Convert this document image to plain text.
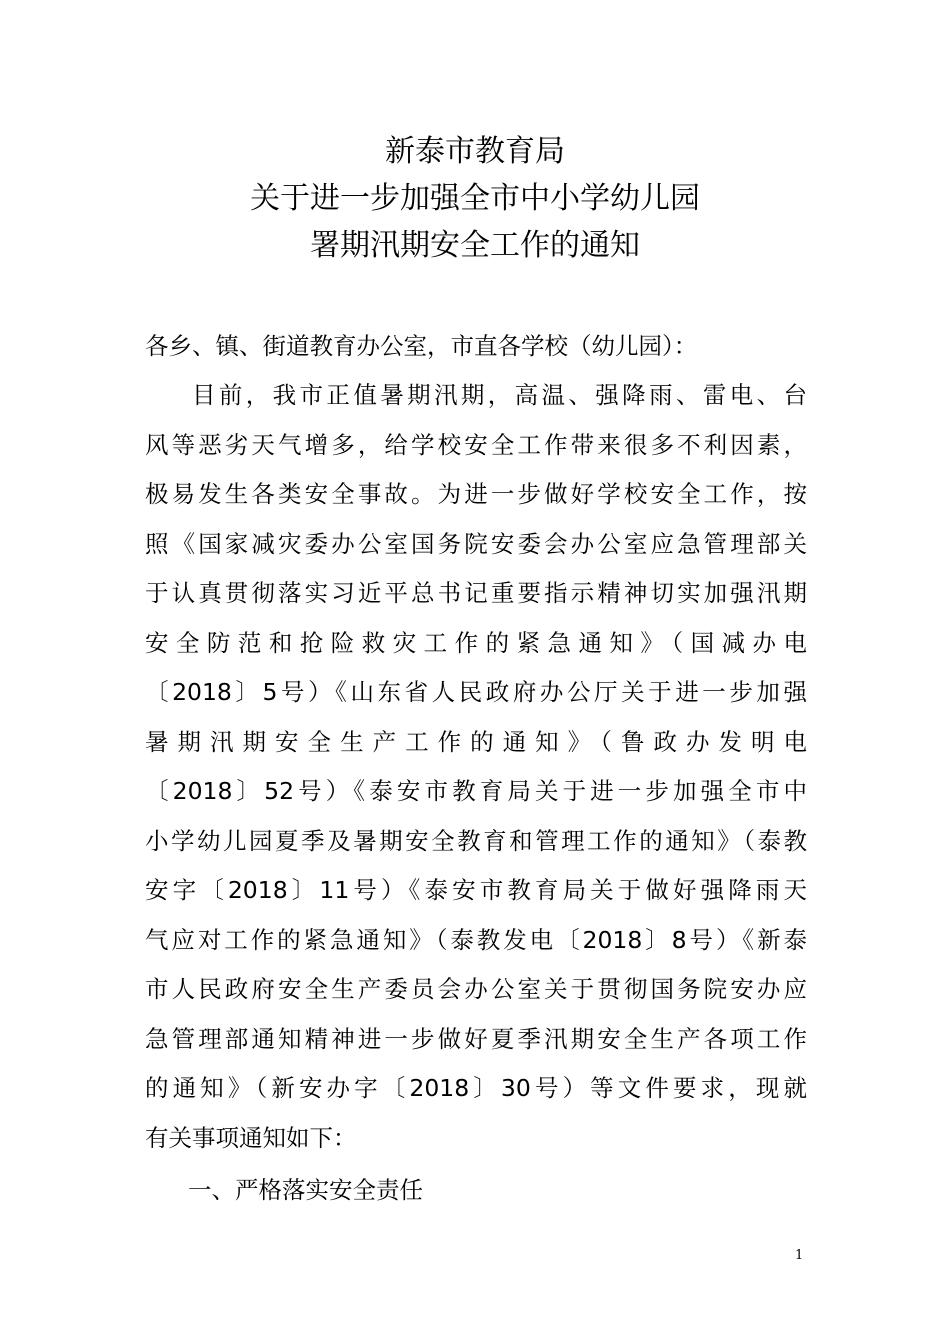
新泰市教育局
关于进一步加强全市中小学幼儿园
署期汛期安全工作的通知
各乡、镇、街道教育办公室，市直各学校（幼儿园）：
目前，我市正值暑期汛期，高温、强降雨、雷电、台
风等恶劣天气增多，给学校安全工作带来很多不利因素，
极易发生各类安全事故。为进一步做好学校安全工作，按
照《国家减灾委办公室国务院安委会办公室应急管理部关
于认真贯彻落实习近平总书记重要指示精神切实加强汛期
安全防范和抢险救灾工作的紧急通知》（国减办电
〔2018〕5号）《山东省人民政府办公厅关于进一步加强
暑期汛期安全生产工作的通知》（鲁政办发明电
〔2018〕52号）《泰安市教育局关于进一步加强全市中
小学幼儿园夏季及暑期安全教育和管理工作的通知》（泰教
安字〔2018〕11号）《泰安市教育局关于做好强降雨天
气应对工作的紧急通知》（泰教发电〔2018〕8号）《新泰
市人民政府安全生产委员会办公室关于贯彻国务院安办应
急管理部通知精神进一步做好夏季汛期安全生产各项工作
的通知》（新安办字〔2018〕30号）等文件要求，现就
有关事项通知如下：
一、严格落实安全责任
1
